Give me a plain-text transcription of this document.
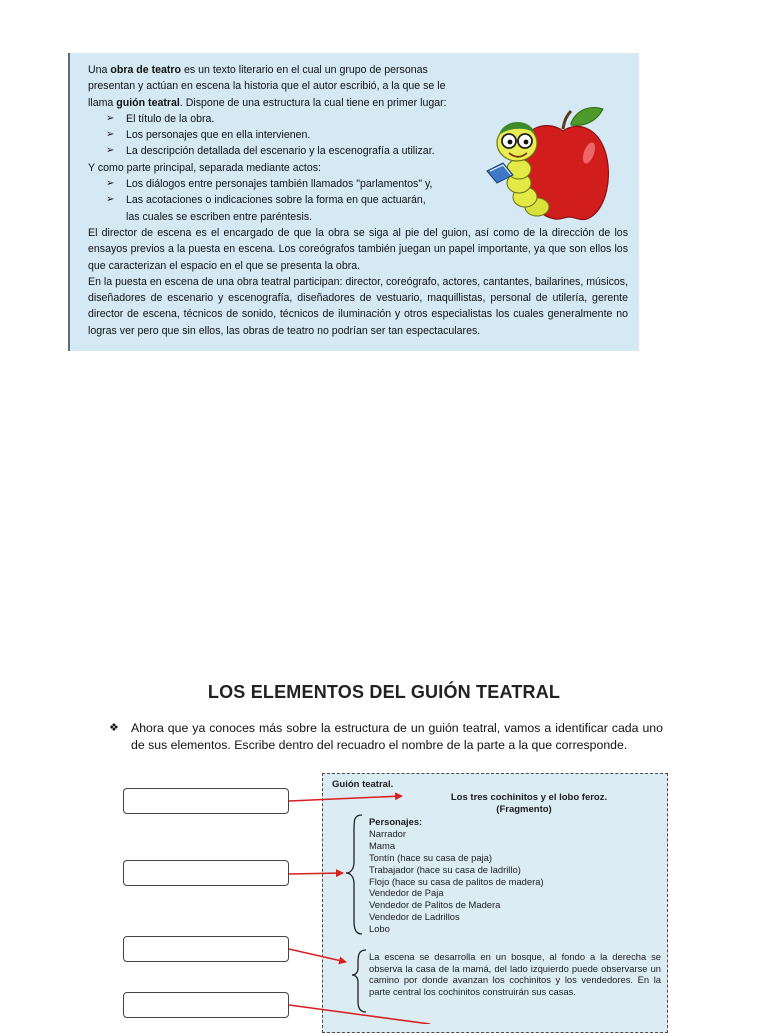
Una obra de teatro es un texto literario en el cual un grupo de personas presentan y actúan en escena la historia que el autor escribió, a la que se le llama guión teatral. Dispone de una estructura la cual tiene en primer lugar:

➢ El título de la obra.
➢ Los personajes que en ella intervienen.
➢ La descripción detallada del escenario y la escenografía a utilizar.

Y como parte principal, separada mediante actos:

➢ Los diálogos entre personajes también llamados "parlamentos" y,
➢ Las acotaciones o indicaciones sobre la forma en que actuarán,
las cuales se escriben entre paréntesis.

El director de escena es el encargado de que la obra se siga al pie del guion, así como de la dirección de los ensayos previos a la puesta en escena. Los coreógrafos también juegan un papel importante, ya que son ellos los que caracterizan el espacio en el que se presenta la obra.

En la puesta en escena de una obra teatral participan: director, coreógrafo, actores, cantantes, bailarines, músicos, diseñadores de escenario y escenografía, diseñadores de vestuario, maquillistas, personal de utilería, gerente director de escena, técnicos de sonido, técnicos de iluminación y otros especialistas los cuales generalmente no logras ver pero que sin ellos, las obras de teatro no podrían ser tan espectaculares.

LOS ELEMENTOS DEL GUIÓN TEATRAL
❖ Ahora que ya conoces más sobre la estructura de un guión teatral, vamos a identificar cada uno de sus elementos. Escribe dentro del recuadro el nombre de la parte a la que corresponde.
Guión teatral.
Los tres cochinitos y el lobo feroz.
(Fragmento)
Personajes:
Narrador
Mama
Tontín (hace su casa de paja)
Trabajador (hace su casa de ladrillo)
Flojo (hace su casa de palitos de madera)
Vendedor de Paja
Vendedor de Palitos de Madera
Vendedor de Ladrillos
Lobo
La escena se desarrolla en un bosque, al fondo a la derecha se observa la casa de la mamá, del lado izquierdo puede observarse un camino por donde avanzan los cochinitos y los vendedores. En la parte central los cochinitos construirán sus casas.
